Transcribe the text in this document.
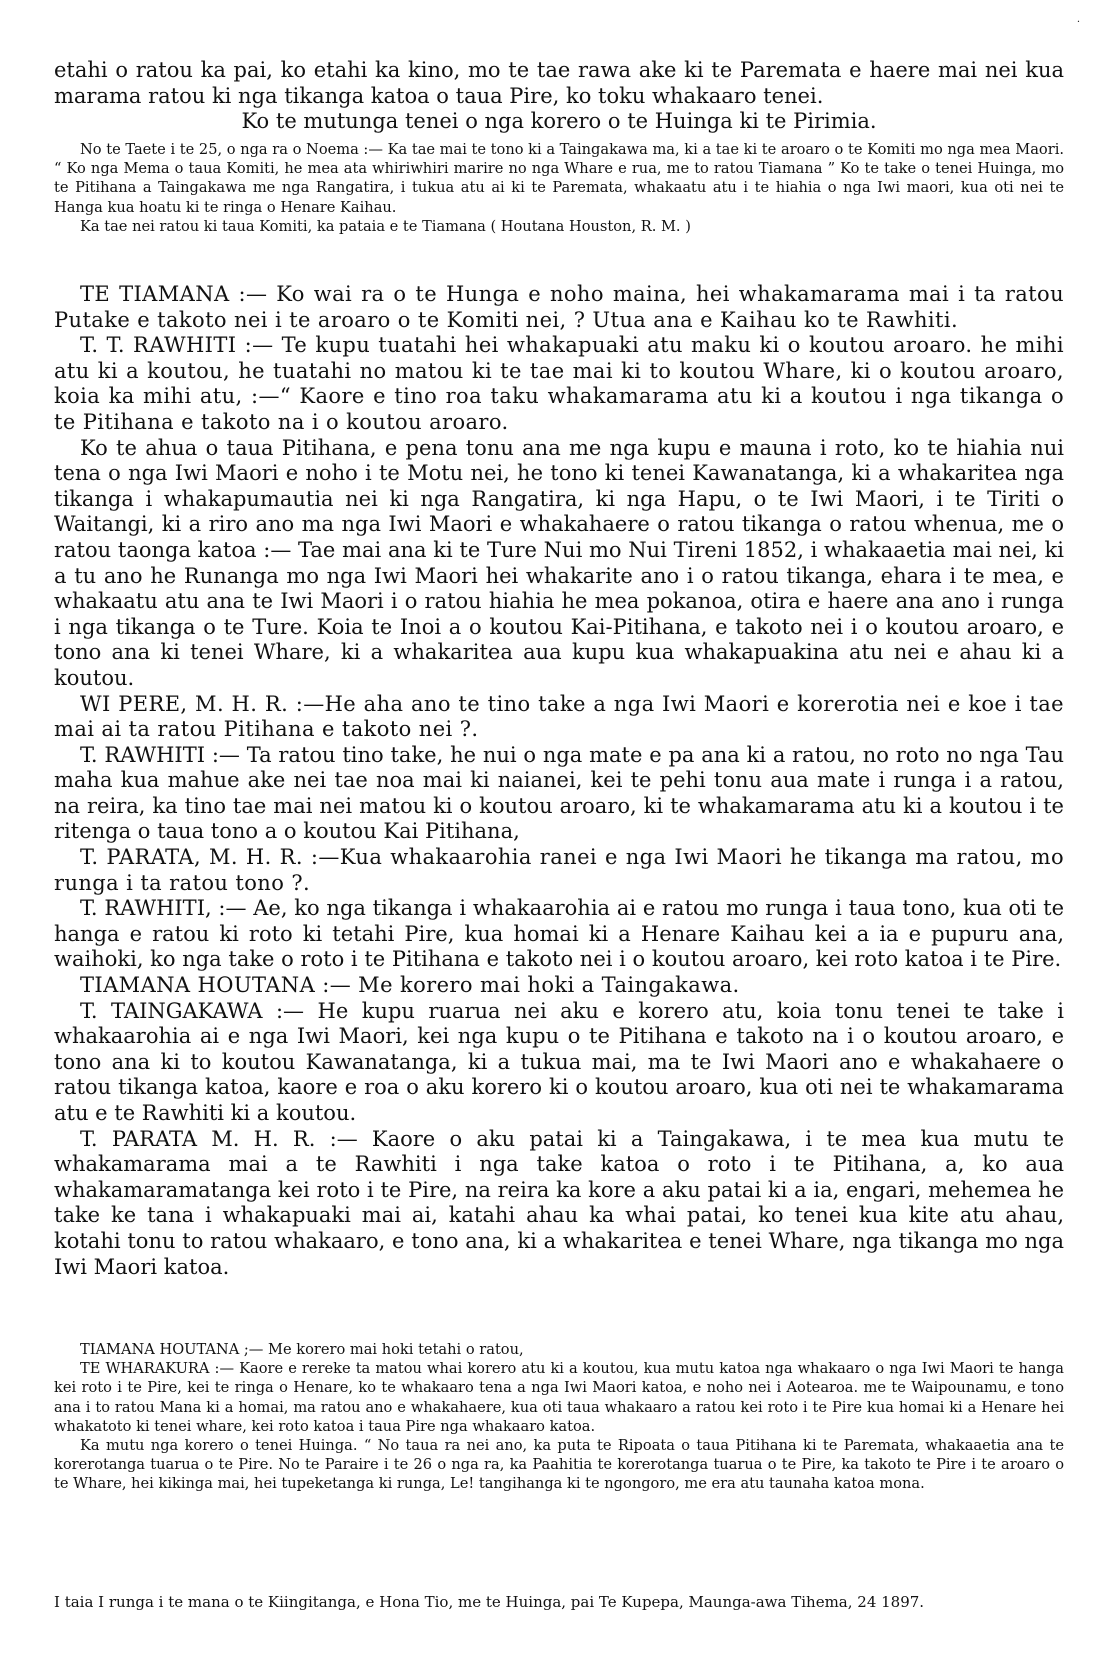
.

etahi o ratou ka pai, ko etahi ka kino, mo te tae rawa ake ki te Paremata e haere mai nei kua marama ratou ki nga tikanga katoa o taua Pire, ko toku whakaaro tenei.

Ko te mutunga tenei o nga korero o te Huinga ki te Pirimia.

No te Taete i te 25, o nga ra o Noema :— Ka tae mai te tono ki a Taingakawa ma, ki a tae ki te aroaro o te Komiti mo nga mea Maori. “ Ko nga Mema o taua Komiti, he mea ata whiriwhiri marire no nga Whare e rua, me to ratou Tiamana ” Ko te take o tenei Huinga, mo te Pitihana a Taingakawa me nga Rangatira, i tukua atu ai ki te Paremata, whakaatu atu i te hiahia o nga Iwi maori, kua oti nei te Hanga kua hoatu ki te ringa o Henare Kaihau.

Ka tae nei ratou ki taua Komiti, ka pataia e te Tiamana ( Houtana Houston, R. M. )

TE TIAMANA :— Ko wai ra o te Hunga e noho maina, hei whakamarama mai i ta ratou Putake e takoto nei i te aroaro o te Komiti nei, ? Utua ana e Kaihau ko te Rawhiti.

T. T. RAWHITI :— Te kupu tuatahi hei whakapuaki atu maku ki o koutou aroaro. he mihi atu ki a koutou, he tuatahi no matou ki te tae mai ki to koutou Whare, ki o koutou aroaro, koia ka mihi atu, :—“ Kaore e tino roa taku whakamarama atu ki a koutou i nga tikanga o te Pitihana e takoto na i o koutou aroaro.

Ko te ahua o taua Pitihana, e pena tonu ana me nga kupu e mauna i roto, ko te hiahia nui tena o nga Iwi Maori e noho i te Motu nei, he tono ki tenei Kawanatanga, ki a whakaritea nga tikanga i whakapumautia nei ki nga Rangatira, ki nga Hapu, o te Iwi Maori, i te Tiriti o Waitangi, ki a riro ano ma nga Iwi Maori e whakahaere o ratou tikanga o ratou whenua, me o ratou taonga katoa :— Tae mai ana ki te Ture Nui mo Nui Tireni 1852, i whakaaetia mai nei, ki a tu ano he Runanga mo nga Iwi Maori hei whakarite ano i o ratou tikanga, ehara i te mea, e whakaatu atu ana te Iwi Maori i o ratou hiahia he mea pokanoa, otira e haere ana ano i runga i nga tikanga o te Ture. Koia te Inoi a o koutou Kai-Pitihana, e takoto nei i o koutou aroaro, e tono ana ki tenei Whare, ki a whakaritea aua kupu kua whakapuakina atu nei e ahau ki a koutou.

WI PERE, M. H. R. :—He aha ano te tino take a nga Iwi Maori e korerotia nei e koe i tae mai ai ta ratou Pitihana e takoto nei ?.

T. RAWHITI :— Ta ratou tino take, he nui o nga mate e pa ana ki a ratou, no roto no nga Tau maha kua mahue ake nei tae noa mai ki naianei, kei te pehi tonu aua mate i runga i a ratou, na reira, ka tino tae mai nei matou ki o koutou aroaro, ki te whakamarama atu ki a koutou i te ritenga o taua tono a o koutou Kai Pitihana,

T. PARATA, M. H. R. :—Kua whakaarohia ranei e nga Iwi Maori he tikanga ma ratou, mo runga i ta ratou tono ?.

T. RAWHITI, :— Ae, ko nga tikanga i whakaarohia ai e ratou mo runga i taua tono, kua oti te hanga e ratou ki roto ki tetahi Pire, kua homai ki a Henare Kaihau kei a ia e pupuru ana, waihoki, ko nga take o roto i te Pitihana e takoto nei i o koutou aroaro, kei roto katoa i te Pire.

TIAMANA HOUTANA :— Me korero mai hoki a Taingakawa.

T. TAINGAKAWA :— He kupu ruarua nei aku e korero atu, koia tonu tenei te take i whakaarohia ai e nga Iwi Maori, kei nga kupu o te Pitihana e takoto na i o koutou aroaro, e tono ana ki to koutou Kawanatanga, ki a tukua mai, ma te Iwi Maori ano e whakahaere o ratou tikanga katoa, kaore e roa o aku korero ki o koutou aroaro, kua oti nei te whakamarama atu e te Rawhiti ki a koutou.

T. PARATA M. H. R. :— Kaore o aku patai ki a Taingakawa, i te mea kua mutu te whakamarama mai a te Rawhiti i nga take katoa o roto i te Pitihana, a, ko aua whakamaramatanga kei roto i te Pire, na reira ka kore a aku patai ki a ia, engari, mehemea he take ke tana i whakapuaki mai ai, katahi ahau ka whai patai, ko tenei kua kite atu ahau, kotahi tonu to ratou whakaaro, e tono ana, ki a whakaritea e tenei Whare, nga tikanga mo nga Iwi Maori katoa.

TIAMANA HOUTANA ;— Me korero mai hoki tetahi o ratou,

TE WHARAKURA :— Kaore e rereke ta matou whai korero atu ki a koutou, kua mutu katoa nga whakaaro o nga Iwi Maori te hanga kei roto i te Pire, kei te ringa o Henare, ko te whakaaro tena a nga Iwi Maori katoa, e noho nei i Aotearoa. me te Waipounamu, e tono ana i to ratou Mana ki a homai, ma ratou ano e whakahaere, kua oti taua whakaaro a ratou kei roto i te Pire kua homai ki a Henare hei whakatoto ki tenei whare, kei roto katoa i taua Pire nga whakaaro katoa.

Ka mutu nga korero o tenei Huinga. “ No taua ra nei ano, ka puta te Ripoata o taua Pitihana ki te Paremata, whakaaetia ana te korerotanga tuarua o te Pire. No te Paraire i te 26 o nga ra, ka Paahitia te korerotanga tuarua o te Pire, ka takoto te Pire i te aroaro o te Whare, hei kikinga mai, hei tupeketanga ki runga, Le! tangihanga ki te ngongoro, me era atu taunaha katoa mona.

I taia I runga i te mana o te Kiingitanga, e Hona Tio, me te Huinga, pai Te Kupepa, Maunga-awa Tihema, 24 1897.
